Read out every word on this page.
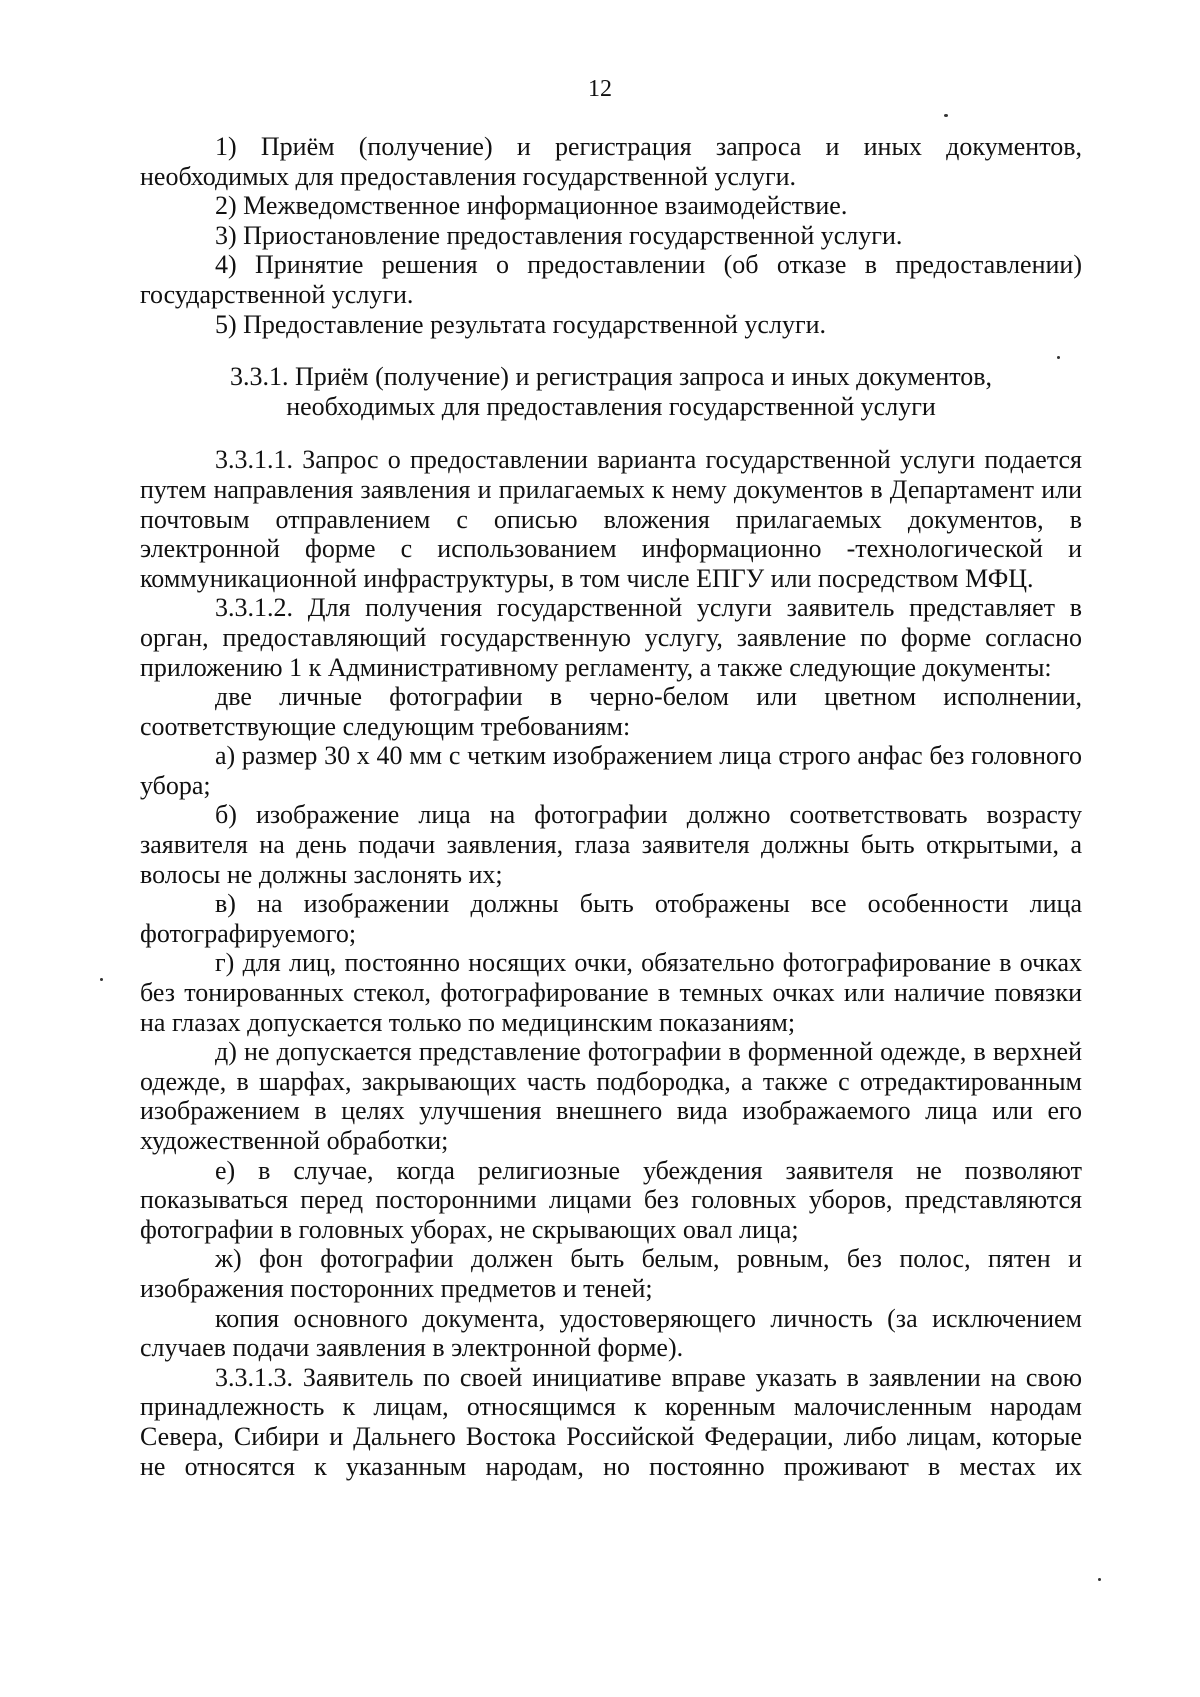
12

1) Приём (получение) и регистрация запроса и иных документов, необходимых для предоставления государственной услуги.

2) Межведомственное информационное взаимодействие.

3) Приостановление предоставления государственной услуги.

4) Принятие решения о предоставлении (об отказе в предоставлении) государственной услуги.

5) Предоставление результата государственной услуги.

3.3.1. Приём (получение) и регистрация запроса и иных документов,
необходимых для предоставления государственной услуги

3.3.1.1. Запрос о предоставлении варианта государственной услуги подается путем направления заявления и прилагаемых к нему документов в Департамент или почтовым отправлением с описью вложения прилагаемых документов, в электронной форме с использованием информационно -технологической и коммуникационной инфраструктуры, в том числе ЕПГУ или посредством МФЦ.

3.3.1.2. Для получения государственной услуги заявитель представляет в орган, предоставляющий государственную услугу, заявление по форме согласно приложению 1 к Административному регламенту, а также следующие документы:

две личные фотографии в черно-белом или цветном исполнении, соответствующие следующим требованиям:

а) размер 30 х 40 мм с четким изображением лица строго анфас без головного убора;

б) изображение лица на фотографии должно соответствовать возрасту заявителя на день подачи заявления, глаза заявителя должны быть открытыми, а волосы не должны заслонять их;

в) на изображении должны быть отображены все особенности лица фотографируемого;

г) для лиц, постоянно носящих очки, обязательно фотографирование в очках без тонированных стекол, фотографирование в темных очках или наличие повязки на глазах допускается только по медицинским показаниям;

д) не допускается представление фотографии в форменной одежде, в верхней одежде, в шарфах, закрывающих часть подбородка, а также с отредактированным изображением в целях улучшения внешнего вида изображаемого лица или его художественной обработки;

е) в случае, когда религиозные убеждения заявителя не позволяют показываться перед посторонними лицами без головных уборов, представляются фотографии в головных уборах, не скрывающих овал лица;

ж) фон фотографии должен быть белым, ровным, без полос, пятен и изображения посторонних предметов и теней;

копия основного документа, удостоверяющего личность (за исключением случаев подачи заявления в электронной форме).

3.3.1.3. Заявитель по своей инициативе вправе указать в заявлении на свою принадлежность к лицам, относящимся к коренным малочисленным народам Севера, Сибири и Дальнего Востока Российской Федерации, либо лицам, которые не относятся к указанным народам, но постоянно проживают в местах их
